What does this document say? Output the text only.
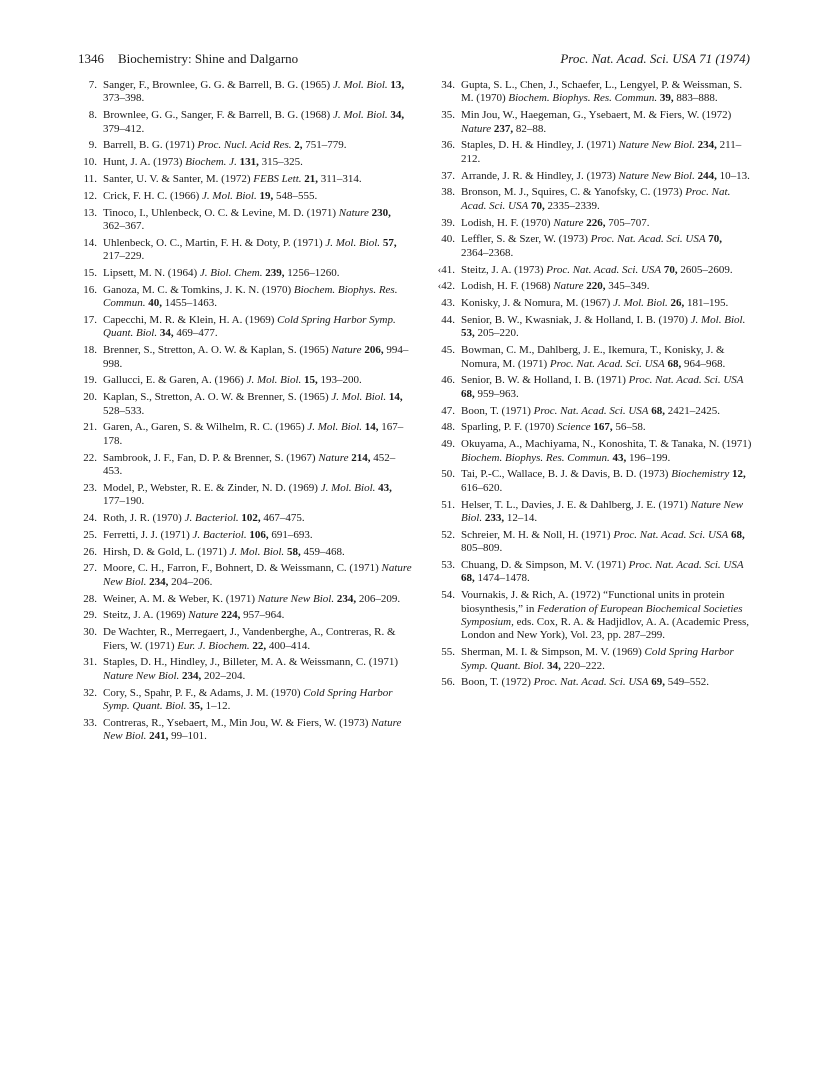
1346 Biochemistry: Shine and Dalgarno	Proc. Nat. Acad. Sci. USA 71 (1974)
7. Sanger, F., Brownlee, G. G. & Barrell, B. G. (1965) J. Mol. Biol. 13, 373–398.
8. Brownlee, G. G., Sanger, F. & Barrell, B. G. (1968) J. Mol. Biol. 34, 379–412.
9. Barrell, B. G. (1971) Proc. Nucl. Acid Res. 2, 751–779.
10. Hunt, J. A. (1973) Biochem. J. 131, 315–325.
11. Santer, U. V. & Santer, M. (1972) FEBS Lett. 21, 311–314.
12. Crick, F. H. C. (1966) J. Mol. Biol. 19, 548–555.
13. Tinoco, I., Uhlenbeck, O. C. & Levine, M. D. (1971) Nature 230, 362–367.
14. Uhlenbeck, O. C., Martin, F. H. & Doty, P. (1971) J. Mol. Biol. 57, 217–229.
15. Lipsett, M. N. (1964) J. Biol. Chem. 239, 1256–1260.
16. Ganoza, M. C. & Tomkins, J. K. N. (1970) Biochem. Biophys. Res. Commun. 40, 1455–1463.
17. Capecchi, M. R. & Klein, H. A. (1969) Cold Spring Harbor Symp. Quant. Biol. 34, 469–477.
18. Brenner, S., Stretton, A. O. W. & Kaplan, S. (1965) Nature 206, 994–998.
19. Gallucci, E. & Garen, A. (1966) J. Mol. Biol. 15, 193–200.
20. Kaplan, S., Stretton, A. O. W. & Brenner, S. (1965) J. Mol. Biol. 14, 528–533.
21. Garen, A., Garen, S. & Wilhelm, R. C. (1965) J. Mol. Biol. 14, 167–178.
22. Sambrook, J. F., Fan, D. P. & Brenner, S. (1967) Nature 214, 452–453.
23. Model, P., Webster, R. E. & Zinder, N. D. (1969) J. Mol. Biol. 43, 177–190.
24. Roth, J. R. (1970) J. Bacteriol. 102, 467–475.
25. Ferretti, J. J. (1971) J. Bacteriol. 106, 691–693.
26. Hirsh, D. & Gold, L. (1971) J. Mol. Biol. 58, 459–468.
27. Moore, C. H., Farron, F., Bohnert, D. & Weissmann, C. (1971) Nature New Biol. 234, 204–206.
28. Weiner, A. M. & Weber, K. (1971) Nature New Biol. 234, 206–209.
29. Steitz, J. A. (1969) Nature 224, 957–964.
30. De Wachter, R., Merregaert, J., Vandenberghe, A., Contreras, R. & Fiers, W. (1971) Eur. J. Biochem. 22, 400–414.
31. Staples, D. H., Hindley, J., Billeter, M. A. & Weissmann, C. (1971) Nature New Biol. 234, 202–204.
32. Cory, S., Spahr, P. F., & Adams, J. M. (1970) Cold Spring Harbor Symp. Quant. Biol. 35, 1–12.
33. Contreras, R., Ysebaert, M., Min Jou, W. & Fiers, W. (1973) Nature New Biol. 241, 99–101.
34. Gupta, S. L., Chen, J., Schaefer, L., Lengyel, P. & Weissman, S. M. (1970) Biochem. Biophys. Res. Commun. 39, 883–888.
35. Min Jou, W., Haegeman, G., Ysebaert, M. & Fiers, W. (1972) Nature 237, 82–88.
36. Staples, D. H. & Hindley, J. (1971) Nature New Biol. 234, 211–212.
37. Arrande, J. R. & Hindley, J. (1973) Nature New Biol. 244, 10–13.
38. Bronson, M. J., Squires, C. & Yanofsky, C. (1973) Proc. Nat. Acad. Sci. USA 70, 2335–2339.
39. Lodish, H. F. (1970) Nature 226, 705–707.
40. Leffler, S. & Szer, W. (1973) Proc. Nat. Acad. Sci. USA 70, 2364–2368.
‹41. Steitz, J. A. (1973) Proc. Nat. Acad. Sci. USA 70, 2605–2609.
‹42. Lodish, H. F. (1968) Nature 220, 345–349.
43. Konisky, J. & Nomura, M. (1967) J. Mol. Biol. 26, 181–195.
44. Senior, B. W., Kwasniak, J. & Holland, I. B. (1970) J. Mol. Biol. 53, 205–220.
45. Bowman, C. M., Dahlberg, J. E., Ikemura, T., Konisky, J. & Nomura, M. (1971) Proc. Nat. Acad. Sci. USA 68, 964–968.
46. Senior, B. W. & Holland, I. B. (1971) Proc. Nat. Acad. Sci. USA 68, 959–963.
47. Boon, T. (1971) Proc. Nat. Acad. Sci. USA 68, 2421–2425.
48. Sparling, P. F. (1970) Science 167, 56–58.
49. Okuyama, A., Machiyama, N., Konoshita, T. & Tanaka, N. (1971) Biochem. Biophys. Res. Commun. 43, 196–199.
50. Tai, P.-C., Wallace, B. J. & Davis, B. D. (1973) Biochemistry 12, 616–620.
51. Helser, T. L., Davies, J. E. & Dahlberg, J. E. (1971) Nature New Biol. 233, 12–14.
52. Schreier, M. H. & Noll, H. (1971) Proc. Nat. Acad. Sci. USA 68, 805–809.
53. Chuang, D. & Simpson, M. V. (1971) Proc. Nat. Acad. Sci. USA 68, 1474–1478.
54. Vournakis, J. & Rich, A. (1972) “Functional units in protein biosynthesis,” in Federation of European Biochemical Societies Symposium, eds. Cox, R. A. & Hadjidlov, A. A. (Academic Press, London and New York), Vol. 23, pp. 287–299.
55. Sherman, M. I. & Simpson, M. V. (1969) Cold Spring Harbor Symp. Quant. Biol. 34, 220–222.
56. Boon, T. (1972) Proc. Nat. Acad. Sci. USA 69, 549–552.
